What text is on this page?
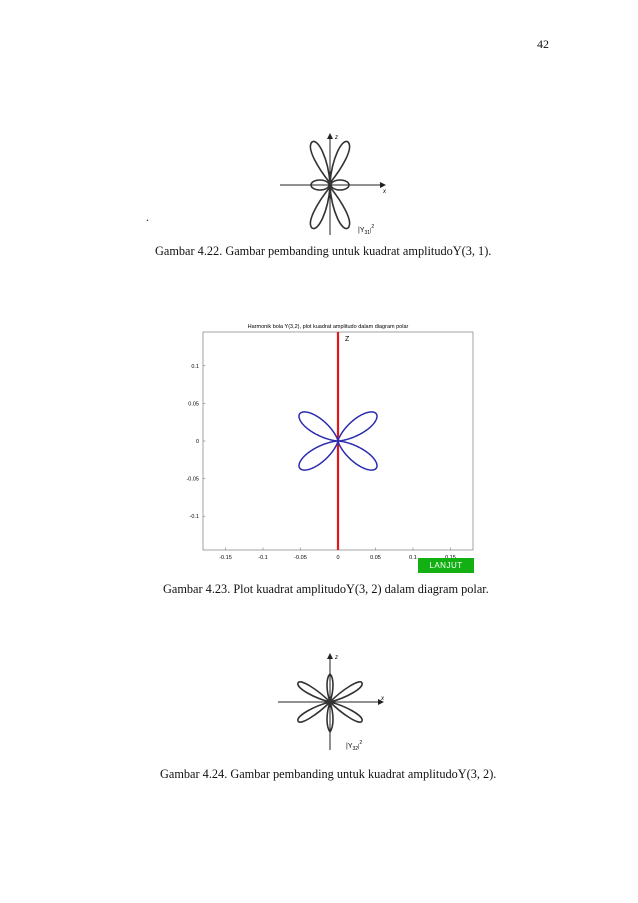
42
.
z
x
$|Y_{31}^{|2}$
Gambar 4.22. Gambar pembanding untuk kuadrat amplitudoY(3, 1).
Harmonik bola Y(3,2), plot kuadrat amplitudo dalam diagram polar
-0.15	-0.1	-0.05	0	0.05	0.1
0.1
0.05
0
-0.05
-0.1
Z
LANJUT
Gambar 4.23. Plot kuadrat amplitudoY(3, 2) dalam diagram polar.
z
x
$|Y_{32}^{|2}$
Gambar 4.24. Gambar pembanding untuk kuadrat amplitudoY(3, 2).
